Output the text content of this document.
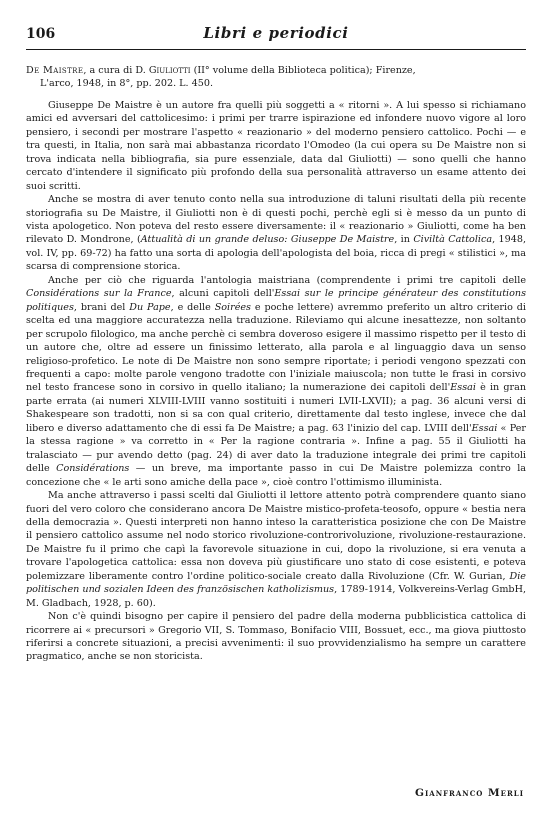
106	Libri e periodici

De Maistre, a cura di D. Giuliotti (II° volume della Biblioteca politica); Firenze,
L'arco, 1948, in 8°, pp. 202. L. 450.

Giuseppe De Maistre è un autore fra quelli più soggetti a « ritorni ». A lui spesso si richiamano amici ed avversari del cattolicesimo: i primi per trarre ispirazione ed infondere nuovo vigore al loro pensiero, i secondi per mostrare l'aspetto « reazionario » del moderno pensiero cattolico. Pochi — e tra questi, in Italia, non sarà mai abbastanza ricordato l'Omodeo (la cui opera su De Maistre non si trova indicata nella bibliografia, sia pure essenziale, data dal Giuliotti) — sono quelli che hanno cercato d'intendere il significato più profondo della sua personalità attraverso un esame attento dei suoi scritti.

Anche se mostra di aver tenuto conto nella sua introduzione di taluni risultati della più recente storiografia su De Maistre, il Giuliotti non è di questi pochi, perchè egli si è messo da un punto di vista apologetico. Non poteva del resto essere diversamente: il « reazionario » Giuliotti, come ha ben rilevato D. Mondrone, (Attualità di un grande deluso: Giuseppe De Maistre, in Civiltà Cattolica, 1948, vol. IV, pp. 69-72) ha fatto una sorta di apologia dell'apologista del boia, ricca di pregi « stilistici », ma scarsa di comprensione storica.

Anche per ciò che riguarda l'antologia maistriana (comprendente i primi tre capitoli delle Considérations sur la France, alcuni capitoli dell'Essai sur le principe générateur des constitutions politiques, brani del Du Pape, e delle Soirées e poche lettere) avremmo preferito un altro criterio di scelta ed una maggiore accuratezza nella traduzione. Rileviamo qui alcune inesattezze, non soltanto per scrupolo filologico, ma anche perchè ci sembra doveroso esigere il massimo rispetto per il testo di un autore che, oltre ad essere un finissimo letterato, alla parola e al linguaggio dava un senso religioso-profetico. Le note di De Maistre non sono sempre riportate; i periodi vengono spezzati con frequenti a capo: molte parole vengono tradotte con l'iniziale maiuscola; non tutte le frasi in corsivo nel testo francese sono in corsivo in quello italiano; la numerazione dei capitoli dell'Essai è in gran parte errata (ai numeri XLVIII-LVIII vanno sostituiti i numeri LVII-LXVII); a pag. 36 alcuni versi di Shakespeare son tradotti, non si sa con qual criterio, direttamente dal testo inglese, invece che dal libero e diverso adattamento che di essi fa De Maistre; a pag. 63 l'inizio del cap. LVIII dell'Essai « Per la stessa ragione » va corretto in « Per la ragione contraria ». Infine a pag. 55 il Giuliotti ha tralasciato — pur avendo detto (pag. 24) di aver dato la traduzione integrale dei primi tre capitoli delle Considérations — un breve, ma importante passo in cui De Maistre polemizza contro la concezione che « le arti sono amiche della pace », cioè contro l'ottimismo illuminista.

Ma anche attraverso i passi scelti dal Giuliotti il lettore attento potrà comprendere quanto siano fuori del vero coloro che considerano ancora De Maistre mistico-profeta-teosofo, oppure « bestia nera della democrazia ». Questi interpreti non hanno inteso la caratteristica posizione che con De Maistre il pensiero cattolico assume nel nodo storico rivoluzione-controrivoluzione, rivoluzione-restaurazione. De Maistre fu il primo che capì la favorevole situazione in cui, dopo la rivoluzione, si era venuta a trovare l'apologetica cattolica: essa non doveva più giustificare uno stato di cose esistenti, e poteva polemizzare liberamente contro l'ordine politico-sociale creato dalla Rivoluzione (Cfr. W. Gurian, Die politischen und sozialen Ideen des französischen katholizismus, 1789-1914, Volkvereins-Verlag GmbH, M. Gladbach, 1928, p. 60).

Non c'è quindi bisogno per capire il pensiero del padre della moderna pubblicistica cattolica di ricorrere ai « precursori » Gregorio VII, S. Tommaso, Bonifacio VIII, Bossuet, ecc., ma giova piuttosto riferirsi a concrete situazioni, a precisi avvenimenti: il suo provvidenzialismo ha sempre un carattere pragmatico, anche se non storicista.

Gianfranco Merli
